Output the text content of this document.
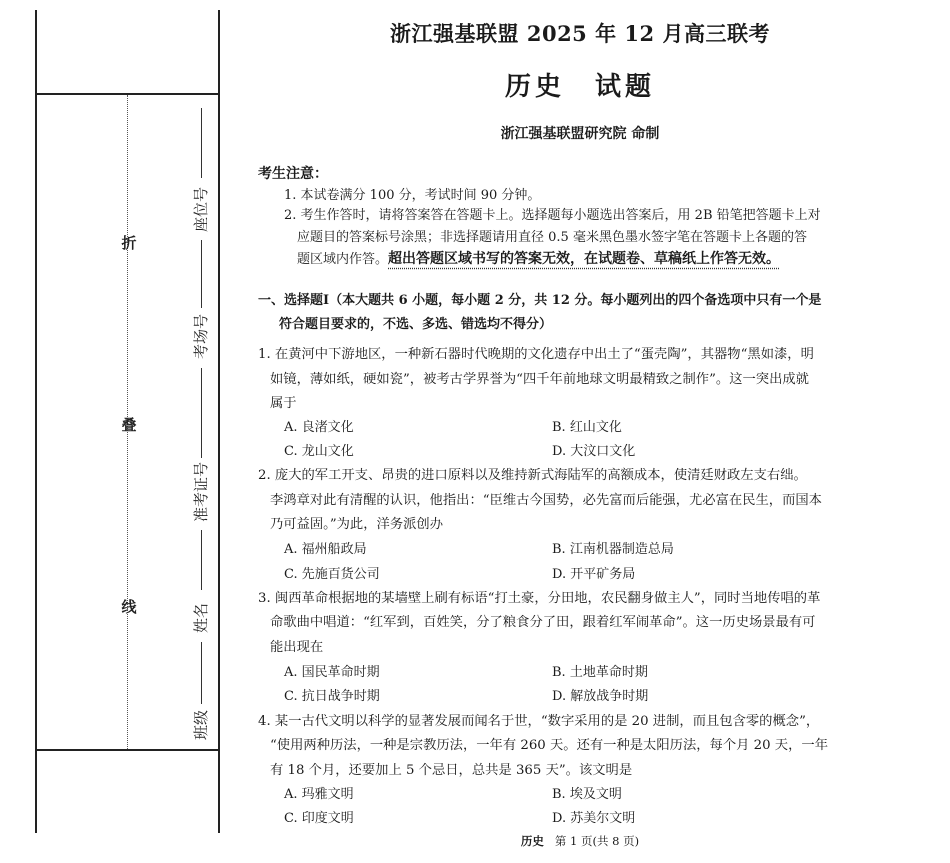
折
叠
线
座位号
考场号
准考证号
姓名
班级
浙江强基联盟 2025 年 12 月高三联考
历史　试题
浙江强基联盟研究院 命制
考生注意：
1. 本试卷满分 100 分，考试时间 90 分钟。
2. 考生作答时，请将答案答在答题卡上。选择题每小题选出答案后，用 2B 铅笔把答题卡上对
应题目的答案标号涂黑；非选择题请用直径 0.5 毫米黑色墨水签字笔在答题卡上各题的答
题区域内作答。超出答题区域书写的答案无效，在试题卷、草稿纸上作答无效。
一、选择题Ⅰ（本大题共 6 小题，每小题 2 分，共 12 分。每小题列出的四个备选项中只有一个是
符合题目要求的，不选、多选、错选均不得分）
1. 在黄河中下游地区，一种新石器时代晚期的文化遗存中出土了“蛋壳陶”，其器物“黑如漆，明
如镜，薄如纸，硬如瓷”，被考古学界誉为“四千年前地球文明最精致之制作”。这一突出成就
属于
A. 良渚文化	B. 红山文化
C. 龙山文化	D. 大汶口文化
2. 庞大的军工开支、昂贵的进口原料以及维持新式海陆军的高额成本，使清廷财政左支右绌。
李鸿章对此有清醒的认识，他指出：“臣维古今国势，必先富而后能强，尤必富在民生，而国本
乃可益固。”为此，洋务派创办
A. 福州船政局	B. 江南机器制造总局
C. 先施百货公司	D. 开平矿务局
3. 闽西革命根据地的某墙壁上刷有标语“打土豪，分田地，农民翻身做主人”，同时当地传唱的革
命歌曲中唱道：“红军到，百姓笑，分了粮食分了田，跟着红军闹革命”。这一历史场景最有可
能出现在
A. 国民革命时期	B. 土地革命时期
C. 抗日战争时期	D. 解放战争时期
4. 某一古代文明以科学的显著发展而闻名于世，“数字采用的是 20 进制，而且包含零的概念”，
“使用两种历法，一种是宗教历法，一年有 260 天。还有一种是太阳历法，每个月 20 天，一年
有 18 个月，还要加上 5 个忌日，总共是 365 天”。该文明是
A. 玛雅文明	B. 埃及文明
C. 印度文明	D. 苏美尔文明
历史 第 1 页(共 8 页)
